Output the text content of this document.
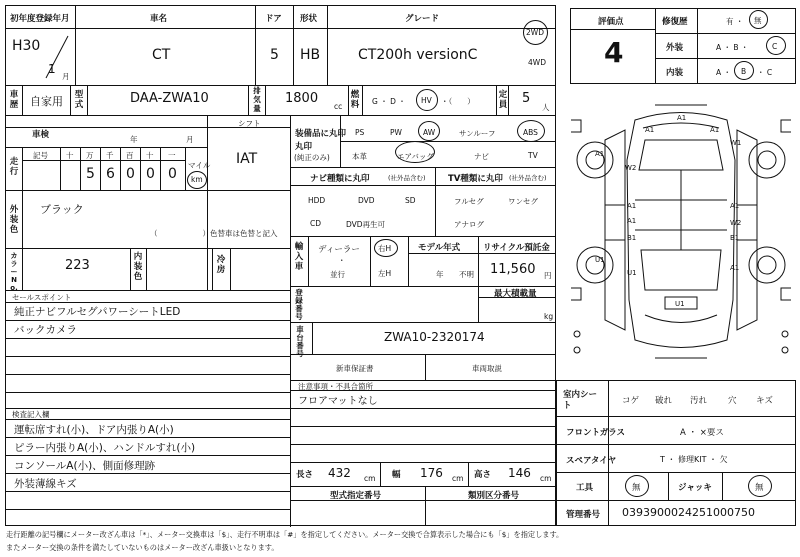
初年度登録年月	車名	ドア 形状	グレード
H30
1
月
CT	5 HB	CT200h versionC
2WD
4WD
車歴 自家用 型式	DAA-ZWA10
排気量
1800
cc
燃料 G ・ D ・ HV ・（　　）
定員 5
人
車検	年	月
シフト
IAT
走行
記号 十 万 千 百 十 一
5 6 0 0 0
マイル
km
外装色
ブラック
（　　　　　　） 色替車は色替と記入
カラーNo.
223
内装色
冷房
セールスポイント
純正ナビフルセグパワーシートLED
バックカメラ
検査記入欄
運転席すれ(小)、ドア内張りA(小)
ピラー内張りA(小)、ハンドルすれ(小)
コンソールA(小)、側面修理跡
外装薄線キズ
装備品に丸印
(純正のみ)
丸印
PS	PW	AW	サンルーフ	ABS
本革	エアバッグ	ナビ	TV
ナビ種類に丸印	(社外品含む)	TV種類に丸印 (社外品含む)
HDD	DVD	SD
CD	DVD再生可
フルセグ	ワンセグ
アナログ
輸入車
ディーラー
・
並行
右H
左H
モデル年式
年 不明
リサイクル預託金
11,560 円
登録番号
最大積載量
kg
車台番号
ZWA10-2320174
新車保証書	車両取説
注意事項・不具合箇所
フロアマットなし
長さ 432 cm 幅 176 cm 高さ 146 cm
型式指定番号	類別区分番号
評価点
4
修復歴	有 ・ 無
外装	A ・ B ・	C
内装	A ・ B ・ C
A1
A1	A1
W1
A1
W2
A1	A1
A1
B1
W2
B1
U1
U1
U1
A1
室内シート	コゲ 破れ 汚れ 穴 キズ
フロントガラス	A ・ ×要ス
スペアタイヤ	T ・ 修理KIT ・ 欠
工具	無	ジャッキ	無
管理番号 0393900024251000750
走行距離の記号欄にメーター改ざん車は「*」、メーター交換車は「$」、走行不明車は「#」を指定してください。メーター交換で合算表示した場合にも「$」を指定します。
またメーター交換の条件を満たしていないものはメーター改ざん車扱いとなります。
